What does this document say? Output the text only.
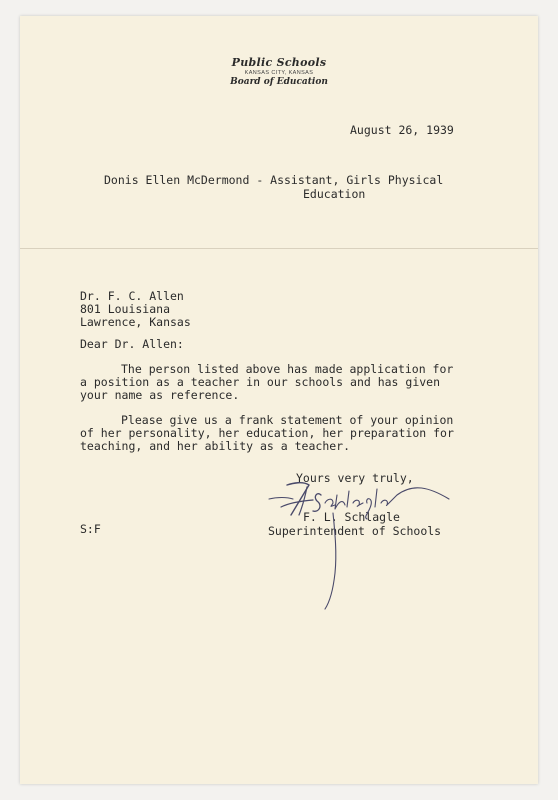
Public Schools
KANSAS CITY, KANSAS
Board of Education
August 26, 1939
Donis Ellen McDermond - Assistant, Girls Physical
Education
Dr. F. C. Allen
801 Louisiana
Lawrence, Kansas
Dear Dr. Allen:
The person listed above has made application for
a position as a teacher in our schools and has given
your name as reference.
Please give us a frank statement of your opinion
of her personality, her education, her preparation for
teaching, and her ability as a teacher.
Yours very truly,
F. L. Schlagle
Superintendent of Schools
S:F
